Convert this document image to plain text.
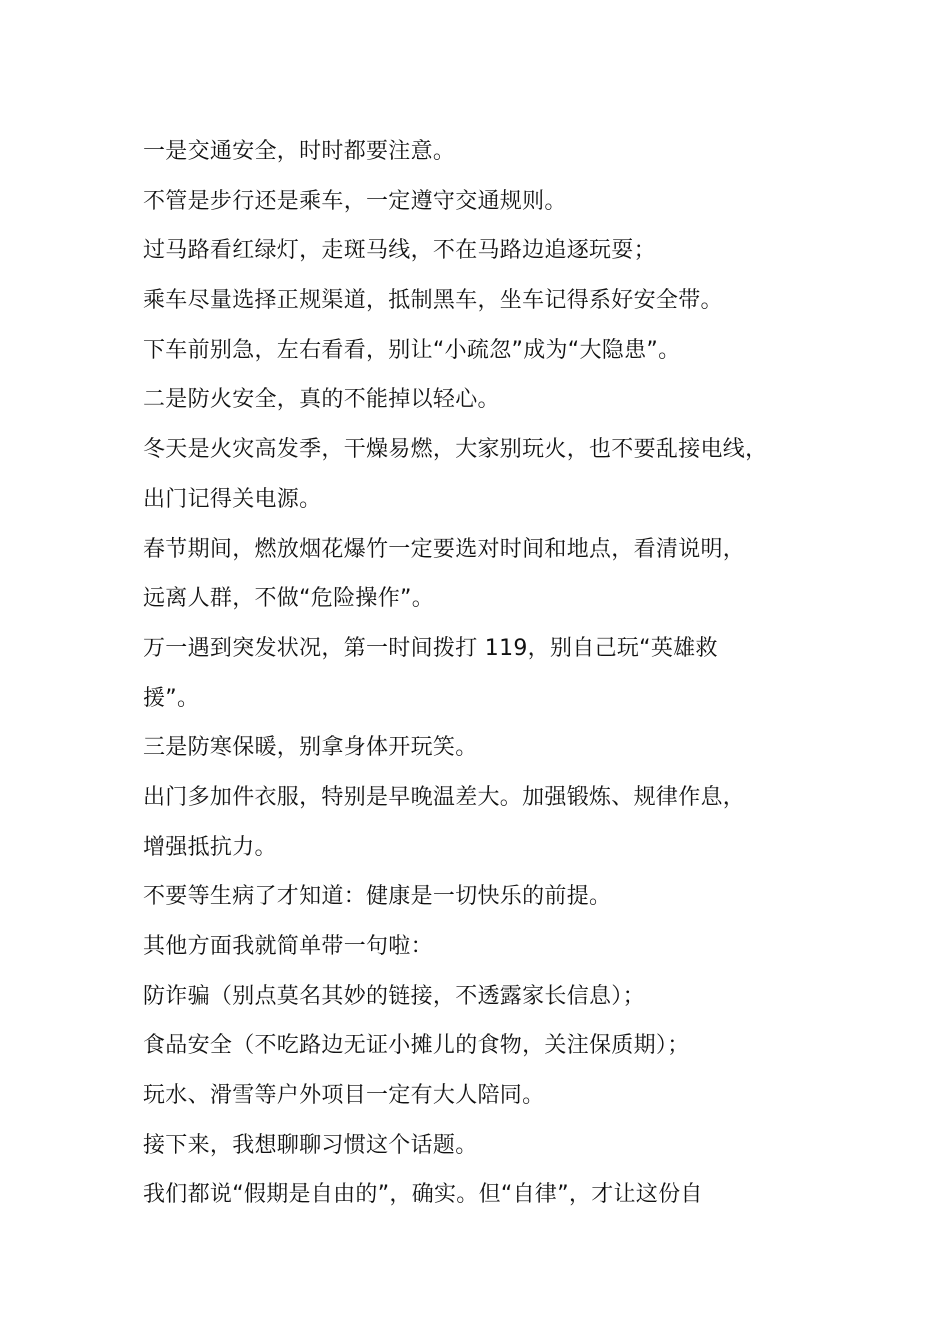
一是交通安全，时时都要注意。
不管是步行还是乘车，一定遵守交通规则。
过马路看红绿灯，走斑马线，不在马路边追逐玩耍；
乘车尽量选择正规渠道，抵制黑车，坐车记得系好安全带。
下车前别急，左右看看，别让“小疏忽”成为“大隐患”。
二是防火安全，真的不能掉以轻心。
冬天是火灾高发季，干燥易燃，大家别玩火，也不要乱接电线，
出门记得关电源。
春节期间，燃放烟花爆竹一定要选对时间和地点，看清说明，
远离人群，不做“危险操作”。
万一遇到突发状况，第一时间拨打 119，别自己玩“英雄救
援”。
三是防寒保暖，别拿身体开玩笑。
出门多加件衣服，特别是早晚温差大。加强锻炼、规律作息，
增强抵抗力。
不要等生病了才知道：健康是一切快乐的前提。
其他方面我就简单带一句啦：
防诈骗（别点莫名其妙的链接，不透露家长信息）；
食品安全（不吃路边无证小摊儿的食物，关注保质期）；
玩水、滑雪等户外项目一定有大人陪同。
接下来，我想聊聊习惯这个话题。
我们都说“假期是自由的”，确实。但“自律”，才让这份自
